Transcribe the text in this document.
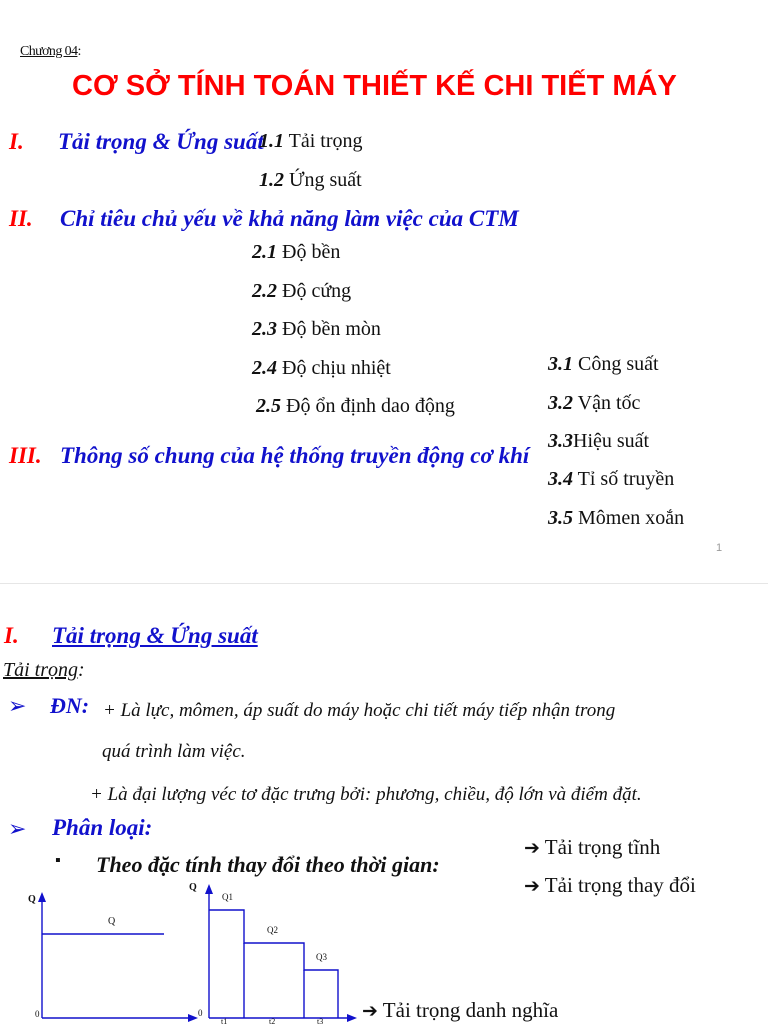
Chương 04:
CƠ SỞ TÍNH TOÁN THIẾT KẾ CHI TIẾT MÁY
I. Tải trọng & Ứng suất
1.1 Tải trọng
1.2 Ứng suất
II. Chỉ tiêu chủ yếu về khả năng làm việc của CTM
2.1 Độ bền
2.2 Độ cứng
2.3 Độ bền mòn
2.4 Độ chịu nhiệt
2.5 Độ ổn định dao động
III. Thông số chung của hệ thống truyền động cơ khí
3.1 Công suất
3.2 Vận tốc
3.3Hiệu suất
3.4 Tỉ số truyền
3.5 Mômen xoắn
1
I. Tải trọng & Ứng suất
Tải trọng:
➢ ĐN: + Là lực, mômen, áp suất do máy hoặc chi tiết máy tiếp nhận trong
quá trình làm việc.
+ Là đại lượng véc tơ đặc trưng bởi: phương, chiều, độ lớn và điểm đặt.
➢ Phân loại:
▪ Theo đặc tính thay đổi theo thời gian:
➔ Tải trọng tĩnh
➔ Tải trọng thay đổi
➔ Tải trọng danh nghĩa
Q
0
Q
Q
0
Q1
Q2
Q3
t1	t2	t3
